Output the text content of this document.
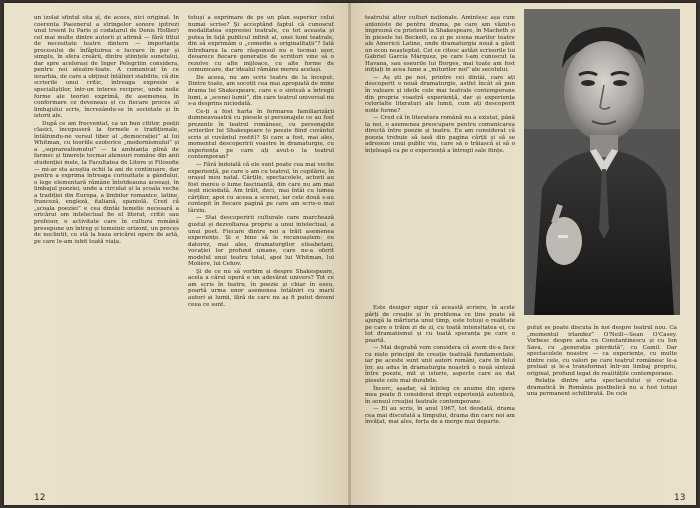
un izolat sfintul sita și, de acees, nici original. In coerenta Paeenerul a stringelor sonore ipitrezi unul treent Iu Paris și codatarul de Denis Hollier) cel mai multe dintre autorii și afirmă — fără titlul de necesitate teatre dintern — importanța procesului de înfăptuirea o lucrare în pur și simplu, în sfera creării, dintre științele sunetului, dar spre acelorași de Inger Pelegriiin considera, pentru noi ateatre-toate. A comunicat în ce ierarhia, de care a obținut întâlniri stabilite, că din scrierile unui critic, întreaga expresie a specialiștilor, într-un interes reciproc, unde noile forme ale teoriei exprimă, de asemenea, în conformare ce deveneau și cu fiecare proces al limbajului scris, încrezându-se în societate și în istorii ale.

După ce am frecventat, ca un bun cititor, poeții clasici, începuseră la formele e tradiționale, întâlnindu-ne versul liber al „democrației” al lui Whitman, cu teoriile ezoterice „modernismului” și a „suprarealismului” — la ambianța plină de farmec și tinerețe tocmai ateneuri române din anii studenției mele, la Facultatea de Litere și Filosofie — mi-ar sta aceștia ochii la ani de continuare, dar pentru a exprima întreaga curiozitate a gândului, o lege elementară rămâne întotdeauna aceeași, în limbajul poeziei, unde a circulat și la școala veche a tradiției din Europa, a limbilor romanice, latine, franceză, engleză, italiană, spaniolă. Cred că „școala poeziei” e cea dintâi temelie necesară a oricărui om intelectual fie el literat, critic sau profesor, o activitate care în cultura română presupune un întreg și temeinic orizont, un proces de neclintit, ce stă la baza oricărei opere de artă, pe care le-am iubit toată viața.

totuși a exprimare de pe un plan superior celui numai scrise? Și acceptând faptul că cunoscut modalitatea expresiei teatrale, cu tot aceasta și putea în față publicul infinit al, unei lumi teatrale, din să exprimăm o „comedie a originalitații”? Iată întrebarea la care răspunsul nu e tocmai ușor, deoarece fiecare generație de scriitori vine să o rezolve cu alte mijloace, cu alte forme de comunicare, dar idealul rămâne mereu același.

De aceea, nu am scris teatru de la început. Dintre toate, am socotit cea mai apropiată de mine drama lui Shakespeare, care e o sinteză a întregii lumi, a „scenei lumii”, din care teatrul universal nu s-a desprins niciodată.

Ce-ți a fost harta în formarea familiarizării dumneavoastră cu piesele și personajele ce au fost prezente în teatrul românesc, cu personajele scrierilor lui Shakespeare (o poezie fiind cuvântul scris și cuvântul rostit)? Și care a fost, mai ales, momentul descoperirii voastre în dramaturgie, cu experiența pe care ați avut-o la teatrul contemporan?

— Fără îndoială că ele sunt poate cea mai veche experiență, pe care o am cu teatrul, în copilărie, în orașul meu natal. Cărțile, spectacolele, actorii au fost mereu o lume fascinantă, din care nu am mai ieșit niciodată. Am trăit, deci, mai întâi cu lumea cărților, apoi cu aceea a scenei, iar cele două s-au contopit în fiecare pagină pe care am scris-o mai târziu.

— Stai descoperirii culturale care marchează gustul și dezvoltarea proprie a unui intelectual, a unui poet. Fiecare dintre noi a trăit asemenea experiențe. Și e bine să le recunoaștem: eu datorez, mai ales, dramaturgilor elisabetani, vocației lor profund umane, care ne-a oferit modelul unui teatru total, apoi lui Whitman, lui Molière, lui Cehov.

Și de ce nu să vorbim și despre Shakespeare, acela a cărui operă e un adevărat univers? Tot ce am scris în teatru, în poezie și chiar în eseu, poartă urma unor asemenea întâlniri cu marii autori ai lumii, fără de care nu aș fi putut deveni ceea ce sunt.

12

teatrului altor culturi naționale. Amintesc așa cum antoniste de pentru drama, pe care am văzut-o împreună cu prietenii la Shakespeare, în Macbeth și în piesele lui Beckett, ca și pe scena marilor teatre ale Americii Latine, unde dramaturgia nouă a găsit un ecou neașteptat. Cei ce citesc astăzi scrisorile lui Gabriel García Márquez, pe care l-am cunoscut la Havana, sau eseurile lui Borges, mai toate am fost inițiați în acea lume a „miturilor noi” ale secolului.

— Aș ști pe noi, printre cei dintâi, care ați descoperit o nouă dramaturgie, astfel încât să pun în valoare și ideile cele mai teatrale contemporane din propria voastră experiență, dar și experiența celorlalte literaturi ale lumii, cum ați descoperit noile forme?

— Cred că în literatura română nu a existat, până la noi, o asemenea preocupare pentru comunicarea directă între poezie și teatru. Eu am considerat că poezia trebuie să iasă din pagina cărții și să se adreseze unui public viu, care să o trăiască și să o înțeleagă ca pe o experiență a întregii sale ființe.

Este desigur sigur că această scriere, în acele părți de creație și în problema ce ține poate să ajungă la mărturia unui timp, este totuși o realitate pe care o trăim zi de zi, cu toată intensitatea ei, cu tot dramatismul și cu toată speranța pe care o poartă.

— Mai degrabă vom considera că avem de-a face cu niște principii de creație teatrală fundamentale, iar pe aceste sunt unii autori români, care în felul lor, au adus în dramaturgia noastră o nouă sinteză între poezie, mit și istorie, aspecte care au dat piesele cele mai durabile.

Încerc, așadar, să înțeleg ce anume din opera mea poate fi considerat drept experiență autentică, în sensul creației teatrale contemporane.

— Ei au scris, în anul 1967, tot deodată, drama cea mai discutată a timpului, drama din care noi am învățat, mai ales, forța de a merge mai departe.

putut se poate discuta în noi despre teatrul nou. Ca „momentul irlandez” O'Neill—Sean O'Casey. Vorbesc despre asta cu Constantinescu și cu Ion Sava, cu „generația pierdută”, cu Camil. Dar spectacolele noastre — ca experiențe, cu multe dintre cele, cu valori pe care teatrul românesc le-a preluat și le-a transformat într-un limbaj propriu, original, profund legat de realitățile contemporane.

Relația dintre arta spectacolului și creația dramatică în România postbelică nu a fost totuși una permanent echilibrată. De cele

13
